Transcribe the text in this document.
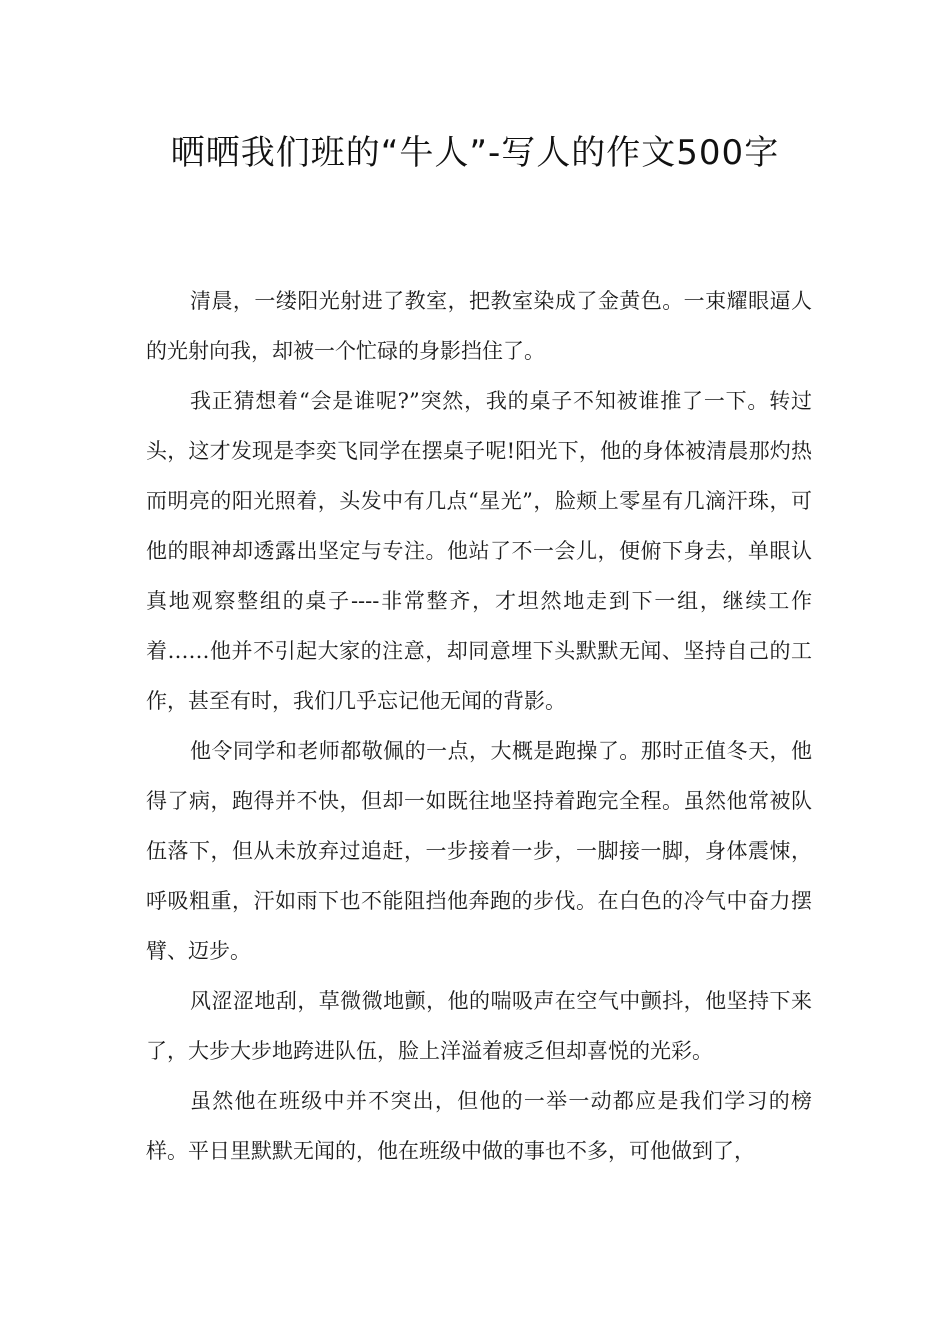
晒晒我们班的“牛人”-写人的作文500字

清晨，一缕阳光射进了教室，把教室染成了金黄色。一束耀眼逼人的光射向我，却被一个忙碌的身影挡住了。

我正猜想着“会是谁呢?”突然，我的桌子不知被谁推了一下。转过头，这才发现是李奕飞同学在摆桌子呢!阳光下，他的身体被清晨那灼热而明亮的阳光照着，头发中有几点“星光”，脸颊上零星有几滴汗珠，可他的眼神却透露出坚定与专注。他站了不一会儿，便俯下身去，单眼认真地观察整组的桌子----非常整齐，才坦然地走到下一组，继续工作着……他并不引起大家的注意，却同意埋下头默默无闻、坚持自己的工作，甚至有时，我们几乎忘记他无闻的背影。

他令同学和老师都敬佩的一点，大概是跑操了。那时正值冬天，他得了病，跑得并不快，但却一如既往地坚持着跑完全程。虽然他常被队伍落下，但从未放弃过追赶，一步接着一步，一脚接一脚，身体震悚，呼吸粗重，汗如雨下也不能阻挡他奔跑的步伐。在白色的冷气中奋力摆臂、迈步。

风涩涩地刮，草微微地颤，他的喘吸声在空气中颤抖，他坚持下来了，大步大步地跨进队伍，脸上洋溢着疲乏但却喜悦的光彩。

虽然他在班级中并不突出，但他的一举一动都应是我们学习的榜样。平日里默默无闻的，他在班级中做的事也不多，可他做到了，
